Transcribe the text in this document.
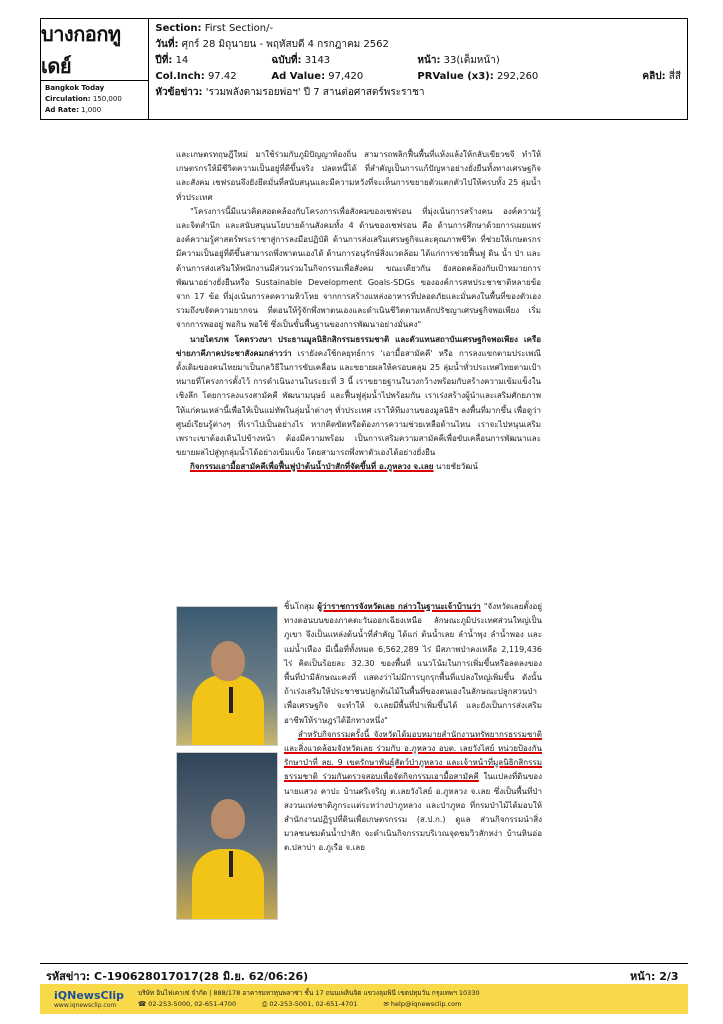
บางกอกทูเดย์
Bangkok Today
Circulation: 150,000
Ad Rate: 1,000
Section:
First Section/-
วันที่:
ศุกร์ 28 มิถุนายน - พฤหัสบดี 4 กรกฎาคม 2562
ปีที่: 14	ฉบับที่: 3143	หน้า: 33(เต็มหน้า)
Col.Inch: 97.42	Ad Value: 97,420	PRValue (x3): 292,260	คลิป: สี่สี
หัวข้อข่าว:
'รวมพลังตามรอยพ่อฯ' ปี 7 สานต่อศาสตร์พระราชา

และเกษตรทฤษฎีใหม่ มาใช้ร่วมกับภูมิปัญญาท้องถิ่น สามารถพลิกฟื้นพื้นที่แห้งแล้งให้กลับเขียวขจี ทำให้เกษตรกรให้มีชีวิตความเป็นอยู่ที่ดีขึ้นจริง ปลดหนี้ได้ ที่สำคัญเป็นการแก้ปัญหาอย่างยั่งยืนทั้งทางเศรษฐกิจและสังคม เชฟรอนจึงยังยึดมั่นที่สนับสนุนและมีความหวังที่จะเห็นการขยายตัวแตกตัวไปให้ครบทั้ง 25 ลุ่มน้ำทั่วประเทศ

"โครงการนี้มีแนวคิดสอดคล้องกับโครงการเพื่อสังคมของเชฟรอน ที่มุ่งเน้นการสร้างคน องค์ความรู้ และจิตสำนึก และสนับสนุนนโยบายด้านสังคมทั้ง 4 ด้านของเชฟรอน คือ ด้านการศึกษาด้วยการเผยแพร่องค์ความรู้ศาสตร์พระราชาสู่การลงมือปฏิบัติ ด้านการส่งเสริมเศรษฐกิจและคุณภาพชีวิต ที่ช่วยให้เกษตรกรมีความเป็นอยู่ที่ดีขึ้นสามารถพึ่งพาตนเองได้ ด้านการอนุรักษ์สิ่งแวดล้อม ได้แก่การช่วยฟื้นฟู ดิน น้ำ ป่า และด้านการส่งเสริมให้พนักงานมีส่วนร่วมในกิจกรรมเพื่อสังคม ขณะเดียวกัน ยังสอดคล้องกับเป้าหมายการพัฒนาอย่างยั่งยืนหรือ Sustainable Development Goals-SDGs ขององค์การสหประชาชาติหลายข้อจาก 17 ข้อ ที่มุ่งเน้นการลดความหิวโหย จากการสร้างแหล่งอาหารที่ปลอดภัยและมั่นคงในพื้นที่ของตัวเอง รวมถึงขจัดความยากจน ที่ตอนให้รู้จักพึ่งพาตนเองและดำเนินชีวิตตามหลักปรัชญาเศรษฐกิจพอเพียง เริ่มจากการพออยู่ พอกิน พอใช้ ซึ่งเป็นขั้นพื้นฐานของการพัฒนาอย่างมั่นคง"

นายไตรภพ โคตรวงษา ประธานมูลนิธิกสิกรรมธรรมชาติ และตัวแทนสถาบันเศรษฐกิจพอเพียง เครือข่ายภาคีภาคประชาสังคมกล่าวว่า เรายังคงใช้กลยุทธ์การ 'เอามื้อสามัคคี' หรือ การลงแขกตามประเพณีดั้งเดิมของคนไทยมาเป็นกลวิธีในการขับเคลื่อน และขยายผลให้ครอบคลุม 25 ลุ่มน้ำทั่วประเทศไทยตามเป้าหมายที่โครงการตั้งไว้ การดำเนินงานในระยะที่ 3 นี้ เราขยายฐานในวงกว้างพร้อมกับสร้างความเข้มแข็งในเชิงลึก โดยการลงแรงสามัคคี พัฒนามนุษย์ และฟื้นฟูลุ่มน้ำไปพร้อมกัน เราเร่งสร้างผู้นำและเสริมศักยภาพให้แก่คนเหล่านี้เพื่อให้เป็นแม่ทัพในลุ่มน้ำต่างๆ ทั่วประเทศ เราให้ทีมงานของมูลนิธิฯ ลงพื้นที่มากขึ้น เพื่อดูว่าศูนย์เรียนรู้ต่างๆ ที่เราไปเป็นอย่างไร หากติดขัดหรือต้องการความช่วยเหลือด้านไหน เราจะไปหนุนเสริม เพราะเขาต้องเดินไปข้างหน้า ต้องมีความพร้อม เป็นการเสริมความสามัคคีเพื่อขับเคลื่อนการพัฒนาและขยายผลไปสู่ทุกลุ่มน้ำได้อย่างเข้มแข็ง โดยสามารถพึ่งพาตัวเองได้อย่างยั่งยืน

กิจกรรมเอามื้อสามัคคีเพื่อฟื้นฟูป่าต้นน้ำป่าสักที่จัดขึ้นที่ อ.ภูหลวง จ.เลย นายชัยวัฒน์

ชิ้นโกสุม ผู้ว่าราชการจังหวัดเลย กล่าวในฐานะเจ้าบ้านว่า "จังหวัดเลยตั้งอยู่ทางตอนบนของภาคตะวันออกเฉียงเหนือ ลักษณะภูมิประเทศส่วนใหญ่เป็นภูเขา จึงเป็นแหล่งต้นน้ำที่สำคัญ ได้แก่ ต้นน้ำเลย ลำน้ำพุง ลำน้ำพอง และแม่น้ำเหือง มีเนื้อที่ทั้งหมด 6,562,289 ไร่ มีสภาพป่าคงเหลือ 2,119,436 ไร่ คิดเป็นร้อยละ 32.30 ของพื้นที่ แนวโน้มในการเพิ่มขึ้นหรือลดลงของพื้นที่ป่ามีลักษณะคงที่ แสดงว่าไม่มีการบุกรุกพื้นที่แปลงใหญ่เพิ่มขึ้น ดังนั้น ถ้าเร่งเสริมให้ประชาชนปลูกต้นไม้ในพื้นที่ของตนเองในลักษณะปลูกสวนป่าเพื่อเศรษฐกิจ จะทำให้ จ.เลยมีพื้นที่ป่าเพิ่มขึ้นได้ และยังเป็นการส่งเสริมอาชีพให้ราษฎรได้อีกทางหนึ่ง"

สำหรับกิจกรรมครั้งนี้ จังหวัดได้มอบหมายสำนักงานทรัพยากรธรรมชาติและสิ่งแวดล้อมจังหวัดเลย ร่วมกับ อ.ภูหลวง อบต. เลยวังไสย์ หน่วยป้องกันรักษาป่าที่ ลย. 9 เขตรักษาพันธุ์สัตว์ป่าภูหลวง และเจ้าหน้าที่มูลนิธิกสิกรรมธรรมชาติ ร่วมกันตรวจสอบเพื่อจัดกิจกรรมเอามื้อสามัคคี ในแปลงที่ดินของนายแสวง คาปะ บ้านศรีเจริญ ต.เลยวังไสย์ อ.ภูหลวง จ.เลย ซึ่งเป็นพื้นที่ป่าสงวนแห่งชาติภูกระแต่ระหว่างป่าภูหลวง และป่าภูหอ ที่กรมป่าไม้ได้มอบให้ สำนักงานปฏิรูปที่ดินเพื่อเกษตรกรรม (ส.ป.ก.) ดูแล ส่วนกิจกรรมนำสิ่งมวลชนชมต้นน้ำป่าสัก จะดำเนินกิจกรรมบริเวณจุดชมวิวสักหง่า บ้านหินอ่อ ต.ปลาบ่า อ.ภูเรือ จ.เลย

รหัสข่าว: C-190628017017(28 มิ.ย. 62/06:26)	หน้า: 2/3
iQNewsClip
www.iqnewsclip.com
บริษัท อินไฟเคาเซ่ จำกัด | 888/178 อาคารมหาทุนพลาซ่า ชั้น 17 ถนนเพลินจิต แขวงลุมพินี เขตปทุมวัน กรุงเทพฯ 10330
☎ 02-253-5000, 02-651-4700	⎙ 02-253-5001, 02-651-4701	✉ help@iqnewsclip.com
